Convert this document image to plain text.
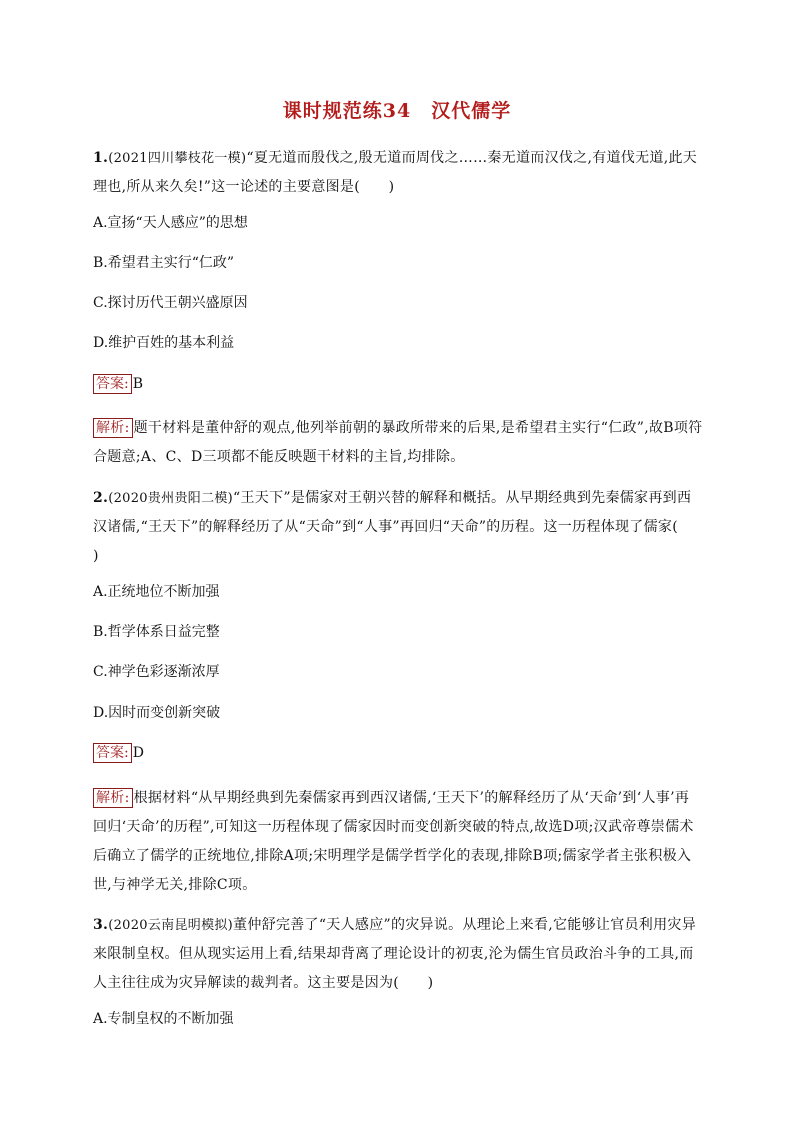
课时规范练34　汉代儒学
1.(2021四川攀枝花一模)“夏无道而殷伐之,殷无道而周伐之……秦无道而汉伐之,有道伐无道,此天理也,所从来久矣!”这一论述的主要意图是(　　)
A.宣扬“天人感应”的思想
B.希望君主实行“仁政”
C.探讨历代王朝兴盛原因
D.维护百姓的基本利益
答案: B
解析: 题干材料是董仲舒的观点,他列举前朝的暴政所带来的后果,是希望君主实行“仁政”,故B项符合题意;A、C、D三项都不能反映题干材料的主旨,均排除。
2.(2020贵州贵阳二模)“王天下”是儒家对王朝兴替的解释和概括。从早期经典到先秦儒家再到西汉诸儒,“王天下”的解释经历了从“天命”到“人事”再回归“天命”的历程。这一历程体现了儒家(　　)
A.正统地位不断加强
B.哲学体系日益完整
C.神学色彩逐渐浓厚
D.因时而变创新突破
答案: D
解析: 根据材料“从早期经典到先秦儒家再到西汉诸儒,‘王天下’的解释经历了从‘天命’到‘人事’再回归‘天命’的历程”,可知这一历程体现了儒家因时而变创新突破的特点,故选D项;汉武帝尊崇儒术后确立了儒学的正统地位,排除A项;宋明理学是儒学哲学化的表现,排除B项;儒家学者主张积极入世,与神学无关,排除C项。
3.(2020云南昆明模拟)董仲舒完善了“天人感应”的灾异说。从理论上来看,它能够让官员利用灾异来限制皇权。但从现实运用上看,结果却背离了理论设计的初衷,沦为儒生官员政治斗争的工具,而人主往往成为灾异解读的裁判者。这主要是因为(　　)
A.专制皇权的不断加强
